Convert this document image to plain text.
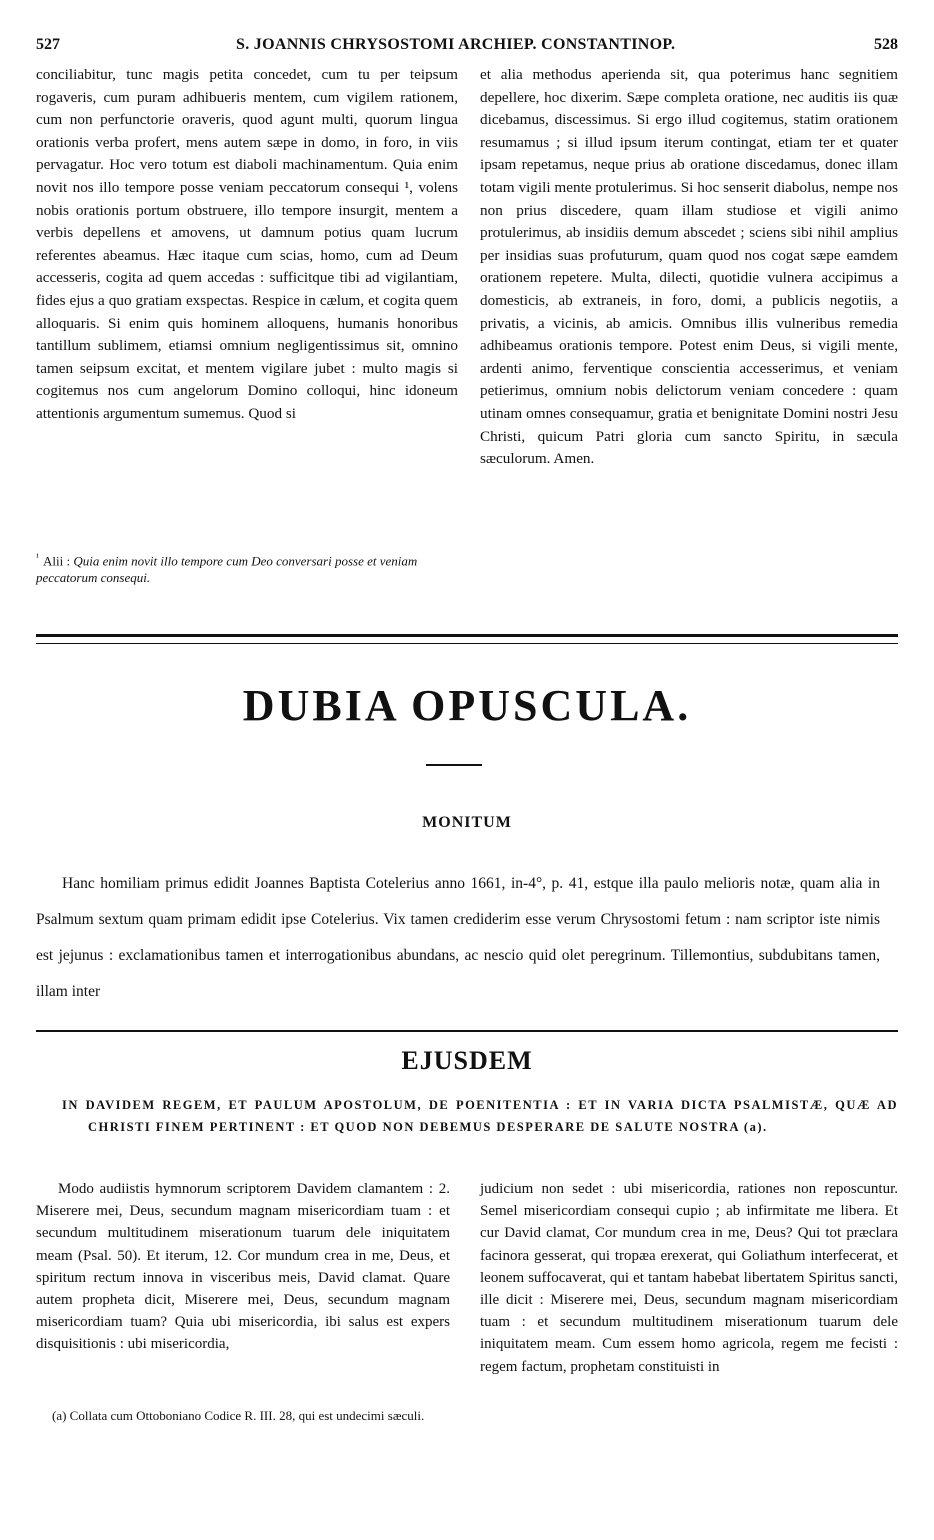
527	S. JOANNIS CHRYSOSTOMI ARCHIEP. CONSTANTINOP.	528

conciliabitur, tunc magis petita concedet, cum tu per teipsum rogaveris, cum puram adhibueris mentem, cum vigilem rationem, cum non perfunctorie oraveris, quod agunt multi, quorum lingua orationis verba profert, mens autem sæpe in domo, in foro, in viis pervagatur. Hoc vero totum est diaboli machinamentum. Quia enim novit nos illo tempore posse veniam peccatorum consequi ¹, volens nobis orationis portum obstruere, illo tempore insurgit, mentem a verbis depellens et amovens, ut damnum potius quam lucrum referentes abeamus. Hæc itaque cum scias, homo, cum ad Deum accesseris, cogita ad quem accedas : sufficitque tibi ad vigilantiam, fides ejus a quo gratiam exspectas. Respice in cælum, et cogita quem alloquaris. Si enim quis hominem alloquens, humanis honoribus tantillum sublimem, etiamsi omnium negligentissimus sit, omnino tamen seipsum excitat, et mentem vigilare jubet : multo magis si cogitemus nos cum angelorum Domino colloqui, hinc idoneum attentionis argumentum sumemus. Quod si

$^{^1}$ Alii : Quia enim novit illo tempore cum Deo conversari posse et veniam peccatorum consequi.

et alia methodus aperienda sit, qua poterimus hanc segnitiem depellere, hoc dixerim. Sæpe completa oratione, nec auditis iis quæ dicebamus, discessimus. Si ergo illud cogitemus, statim orationem resumamus ; si illud ipsum iterum contingat, etiam ter et quater ipsam repetamus, neque prius ab oratione discedamus, donec illam totam vigili mente protulerimus. Si hoc senserit diabolus, nempe nos non prius discedere, quam illam studiose et vigili animo protulerimus, ab insidiis demum abscedet ; sciens sibi nihil amplius per insidias suas profuturum, quam quod nos cogat sæpe eamdem orationem repetere. Multa, dilecti, quotidie vulnera accipimus a domesticis, ab extraneis, in foro, domi, a publicis negotiis, a privatis, a vicinis, ab amicis. Omnibus illis vulneribus remedia adhibeamus orationis tempore. Potest enim Deus, si vigili mente, ardenti animo, ferventique conscientia accesserimus, et veniam petierimus, omnium nobis delictorum veniam concedere : quam utinam omnes consequamur, gratia et benignitate Domini nostri Jesu Christi, quicum Patri gloria cum sancto Spiritu, in sæcula sæculorum. Amen.

DUBIA OPUSCULA.
MONITUM
Hanc homiliam primus edidit Joannes Baptista Cotelerius anno 1661, in-4°, p. 41, estque illa paulo melioris notæ, quam alia in Psalmum sextum quam primam edidit ipse Cotelerius. Vix tamen crediderim esse verum Chrysostomi fetum : nam scriptor iste nimis est jejunus : exclamationibus tamen et interrogationibus abundans, ac nescio quid olet peregrinum. Tillemontius, subdubitans tamen, illam inter
EJUSDEM
IN DAVIDEM REGEM, ET PAULUM APOSTOLUM, DE POENITENTIA : ET IN VARIA DICTA PSALMISTÆ, QUÆ AD CHRISTI FINEM PERTINENT : ET QUOD NON DEBEMUS DESPERARE DE SALUTE NOSTRA (a).

Modo audiistis hymnorum scriptorem Davidem clamantem : 2. Miserere mei, Deus, secundum magnam misericordiam tuam : et secundum multitudinem miserationum tuarum dele iniquitatem meam (Psal. 50). Et iterum, 12. Cor mundum crea in me, Deus, et spiritum rectum innova in visceribus meis, David clamat. Quare autem propheta dicit, Miserere mei, Deus, secundum magnam misericordiam tuam? Quia ubi misericordia, ibi salus est expers disquisitionis : ubi misericordia,

(a) Collata cum Ottoboniano Codice R. III. 28, qui est undecimi sæculi.

judicium non sedet : ubi misericordia, rationes non reposcuntur. Semel misericordiam consequi cupio ; ab infirmitate me libera. Et cur David clamat, Cor mundum crea in me, Deus? Qui tot præclara facinora gesserat, qui tropæa erexerat, qui Goliathum interfecerat, et leonem suffocaverat, qui et tantam habebat libertatem Spiritus sancti, ille dicit : Miserere mei, Deus, secundum magnam misericordiam tuam : et secundum multitudinem miserationum tuarum dele iniquitatem meam. Cum essem homo agricola, regem me fecisti : regem factum, prophetam constituisti in
